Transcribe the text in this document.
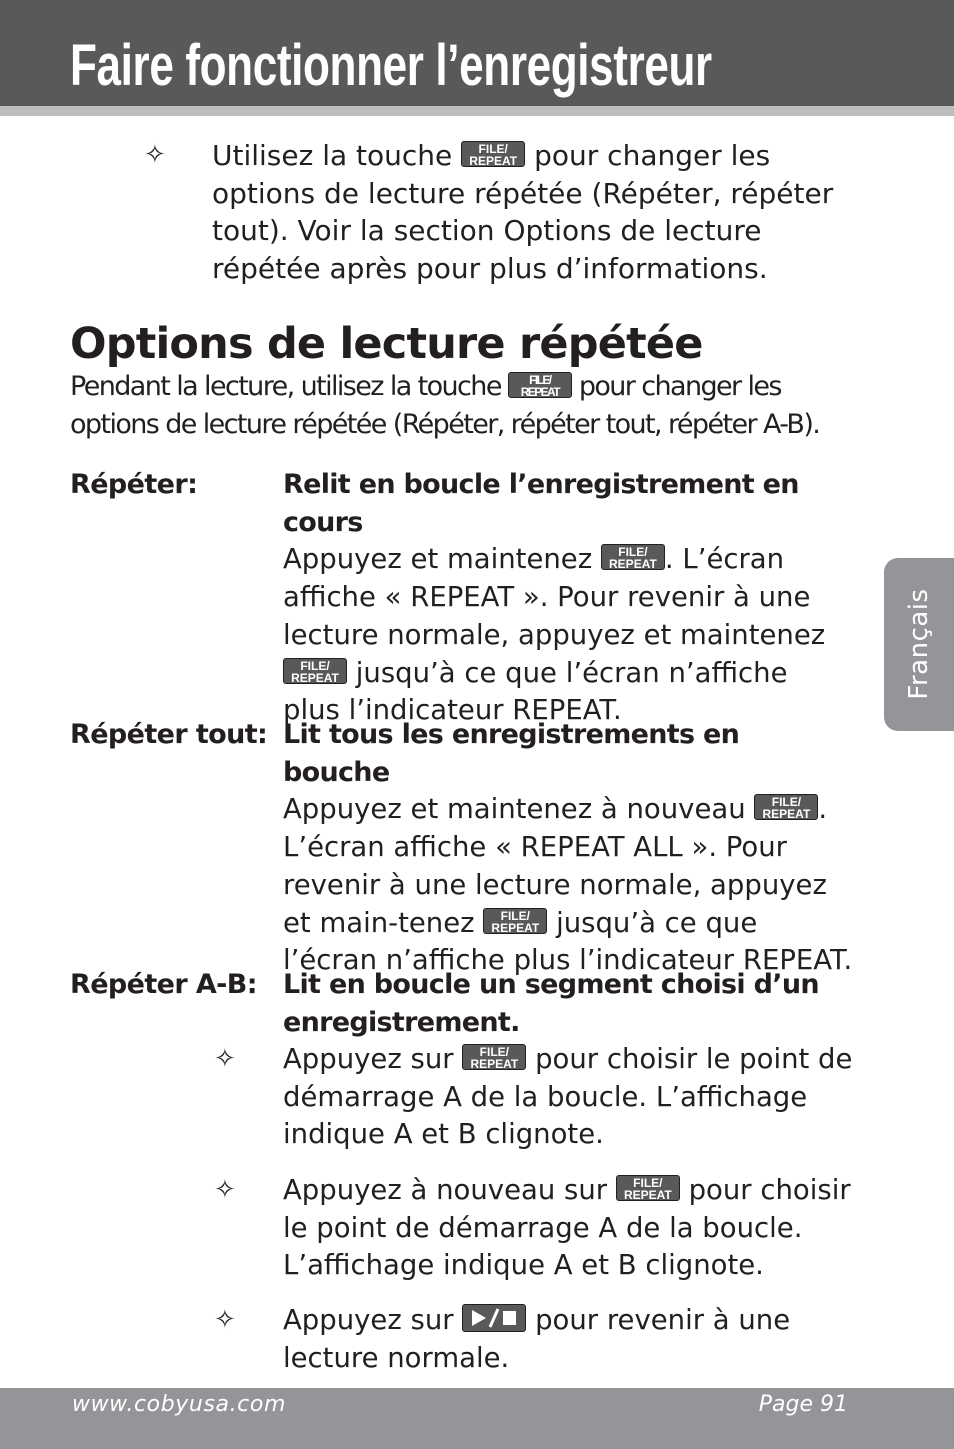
Faire fonctionner l’enregistreur
✧ Utilisez la touche	FILE/
REPEAT pour changer les options de lecture répétée (Répéter, répéter tout). Voir la section Options de lecture répétée après pour plus d’informations.
Options de lecture répétée
Pendant la lecture, utilisez la touche	FILE/
REPEAT pour changer les options de lecture répétée (Répéter, répéter tout, répéter A-B).
Répéter:	Relit en boucle l’enregistrement en cours
Appuyez et maintenez	FILE/
REPEAT . L’écran affiche « REPEAT ». Pour revenir à une lecture normale, appuyez et maintenez
FILE/
REPEAT jusqu’à ce que l’écran n’affiche plus l’indicateur REPEAT.
Répéter tout: Lit tous les enregistrements en bouche
Appuyez et maintenez à nouveau	FILE/
REPEAT . L’écran affiche « REPEAT ALL ». Pour revenir à une lecture normale, appuyez et main-tenez	FILE/
REPEAT jusqu’à ce que l’écran n’affiche plus l’indicateur REPEAT.
Répéter A-B: Lit en boucle un segment choisi d’un enregistrement.
✧ Appuyez sur	FILE/
REPEAT pour choisir le point de démarrage A de la boucle. L’affichage indique A et B clignote.
✧ Appuyez à nouveau sur	FILE/
REPEAT pour choisir le point de démarrage A de la boucle. L’affichage indique A et B clignote.
✧ Appuyez sur	pour revenir à une lecture normale.
Français
www.cobyusa.com	Page 91
